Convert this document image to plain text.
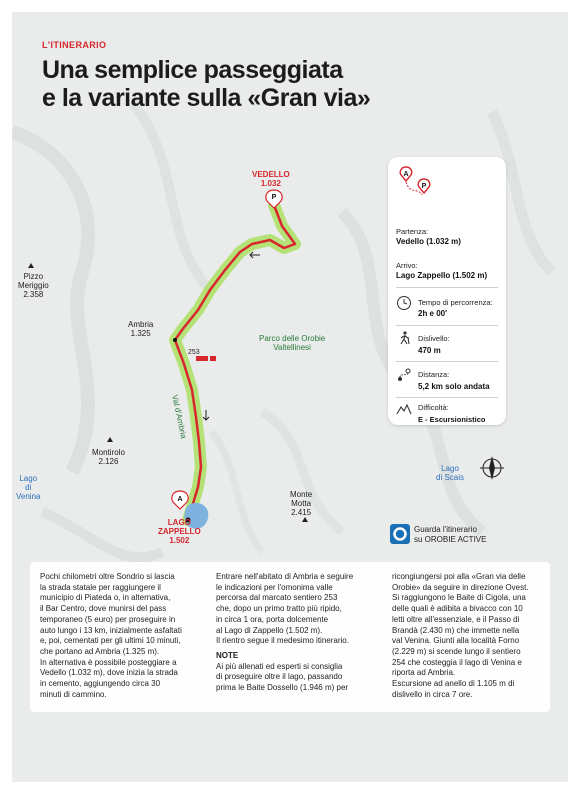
P
A
L'ITINERARIO
Una semplice passeggiata
e la variante sulla «Gran via»
VEDELLO
1.032
Pizzo
Meriggio
2.358
Ambria
1.325
253
Parco delle Orobie
Valtellinesi
Val d'Ambria
Montirolo
2.126
Lago
di
Venina
Lago
di Scais
Monte
Motta
2.415
LAGO
ZAPPELLO
1.502
A
P
Partenza:
Vedello (1.032 m)
Arrivo:
Lago Zappello (1.502 m)
Tempo di percorrenza:
2h e 00'
Dislivello:
470 m
Distanza:
5,2 km solo andata
Difficoltà:
E - Escursionistico
Guarda l'itinerario
su OROBIE ACTIVE

Pochi chilometri oltre Sondrio si lascia

la strada statale per raggiungere il

municipio di Piateda o, in alternativa,

il Bar Centro, dove munirsi del pass

temporaneo (5 euro) per proseguire in

auto lungo i 13 km, inizialmente asfaltati

e, poi, cementati per gli ultimi 10 minuti,

che portano ad Ambria (1.325 m).

In alternativa è possibile posteggiare a

Vedello (1.032 m), dove inizia la strada

in cemento, aggiungendo circa 30

minuti di cammino.

Entrare nell'abitato di Ambria e seguire

le indicazioni per l'omonima valle

percorsa dal marcato sentiero 253

che, dopo un primo tratto più ripido,

in circa 1 ora, porta dolcemente

al Lago di Zappello (1.502 m).

Il rientro segue il medesimo itinerario.

NOTE

Ai più allenati ed esperti si consiglia

di proseguire oltre il lago, passando

prima le Baite Dossello (1.946 m) per

ricongiungersi poi alla «Gran via delle

Orobie» da seguire in direzione Ovest.

Si raggiungono le Baite di Cigola, una

delle quali è adibita a bivacco con 10

letti oltre all'essenziale, e il Passo di

Brandà (2.430 m) che immette nella

val Venina. Giunti alla località Forno

(2.229 m) si scende lungo il sentiero

254 che costeggia il lago di Venina e

riporta ad Ambria.

Escursione ad anello di 1.105 m di

dislivello in circa 7 ore.
